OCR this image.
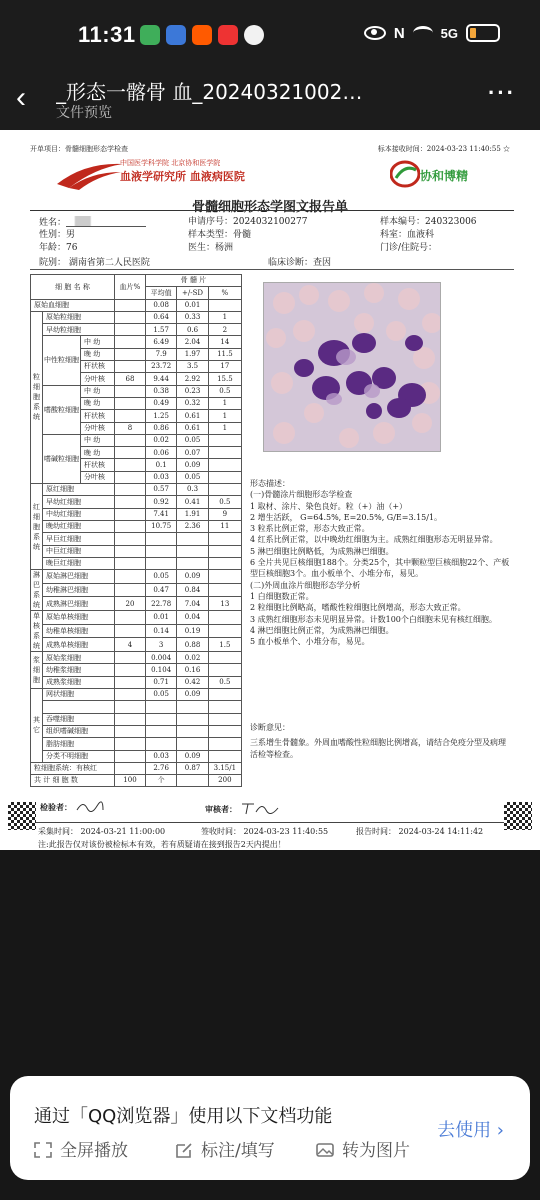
11:31	N	5G
‹	_形态一髂骨 血_20240321002…
文件预览
···
开单项目：骨髓细胞形态学检查	标本接收时间：2024-03-23 11:40:55 ☆
中国医学科学院 北京协和医学院
血液学研究所 血液病医院	协和博精
骨髓细胞形态学图文报告单
姓名：
性别：男
年龄：76
申请序号：2024032100277
样本类型：骨髓
医生：杨洲
样本编号：240323006
科室：血液科
门诊/住院号：
院别： 湖南省第二人民医院	临床诊断：查因
细 胞 名 称			血片%	骨 髓 片		
				平均值	+/-SD	%
原始血细胞				0.08	0.01	
粒细胞系统	原始粒细胞			0.64	0.33	1
	早幼粒细胞			1.57	0.6	2
	中性粒细胞	中 幼		6.49	2.04	14
		晚 幼		7.9	1.97	11.5
		杆状核		23.72	3.5	17
		分叶核	68	9.44	2.92	15.5
	嗜酸粒细胞	中 幼		0.38	0.23	0.5
		晚 幼		0.49	0.32	1
		杆状核		1.25	0.61	1
		分叶核	8	0.86	0.61	1
	嗜碱粒细胞	中 幼		0.02	0.05	
		晚 幼		0.06	0.07	
		杆状核		0.1	0.09	
		分叶核		0.03	0.05	
红细胞系统	原红细胞			0.57	0.3	
	早幼红细胞			0.92	0.41	0.5
	中幼红细胞			7.41	1.91	9
	晚幼红细胞			10.75	2.36	11
	早巨红细胞					
	中巨红细胞					
	晚巨红细胞					
淋巴系统	原始淋巴细胞			0.05	0.09	
	幼稚淋巴细胞			0.47	0.84	
	成熟淋巴细胞		20	22.78	7.04	13
单核系统	原始单核细胞			0.01	0.04	
	幼稚单核细胞			0.14	0.19	
	成熟单核细胞		4	3	0.88	1.5
浆细胞	原始浆细胞			0.004	0.02	
	幼稚浆细胞			0.104	0.16	
	成熟浆细胞			0.71	0.42	0.5
其它	网状细胞			0.05	0.09	

	吞噬细胞					
	组织嗜碱细胞					
	脂肪细胞					
	分类不明细胞			0.03	0.09	
粒细胞系统：有核红				2.76	0.87	3.15/1
共 计 细 胞 数			100	个		200
形态描述：
(一)骨髓涂片细胞形态学检查
1 取材、涂片、染色良好。粒（+）油（+）
2 增生活跃， G=64.5%, E=20.5%, G/E=3.15/1。
3 粒系比例正常，形态大致正常。
4 红系比例正常，以中晚幼红细胞为主。成熟红细胞形态无明显异常。
5 淋巴细胞比例略低，为成熟淋巴细胞。
6 全片共见巨核细胞188个。分类25个，其中颗粒型巨核细胞22个、产板型巨核细胞3个。血小板单个、小堆分布，易见。
(二)外周血涂片细胞形态学分析
1 白细胞数正常。
2 粒细胞比例略高，嗜酸性粒细胞比例增高，形态大致正常。
3 成熟红细胞形态未见明显异常。计数100个白细胞未见有核红细胞。
4 淋巴细胞比例正常，为成熟淋巴细胞。
5 血小板单个、小堆分布，易见。
诊断意见：
三系增生骨髓象。外周血嗜酸性粒细胞比例增高，请结合免疫分型及病理活检等检查。
检验者：	审核者：
采集时间： 2024-03-21 11:00:00	签收时间： 2024-03-23 11:40:55	报告时间： 2024-03-24 14:11:42
注:此报告仅对该份被检标本有效，若有质疑请在接到报告2天内提出！
通过「QQ浏览器」使用以下文档功能
全屏播放	标注/填写	转为图片
去使用 ›
